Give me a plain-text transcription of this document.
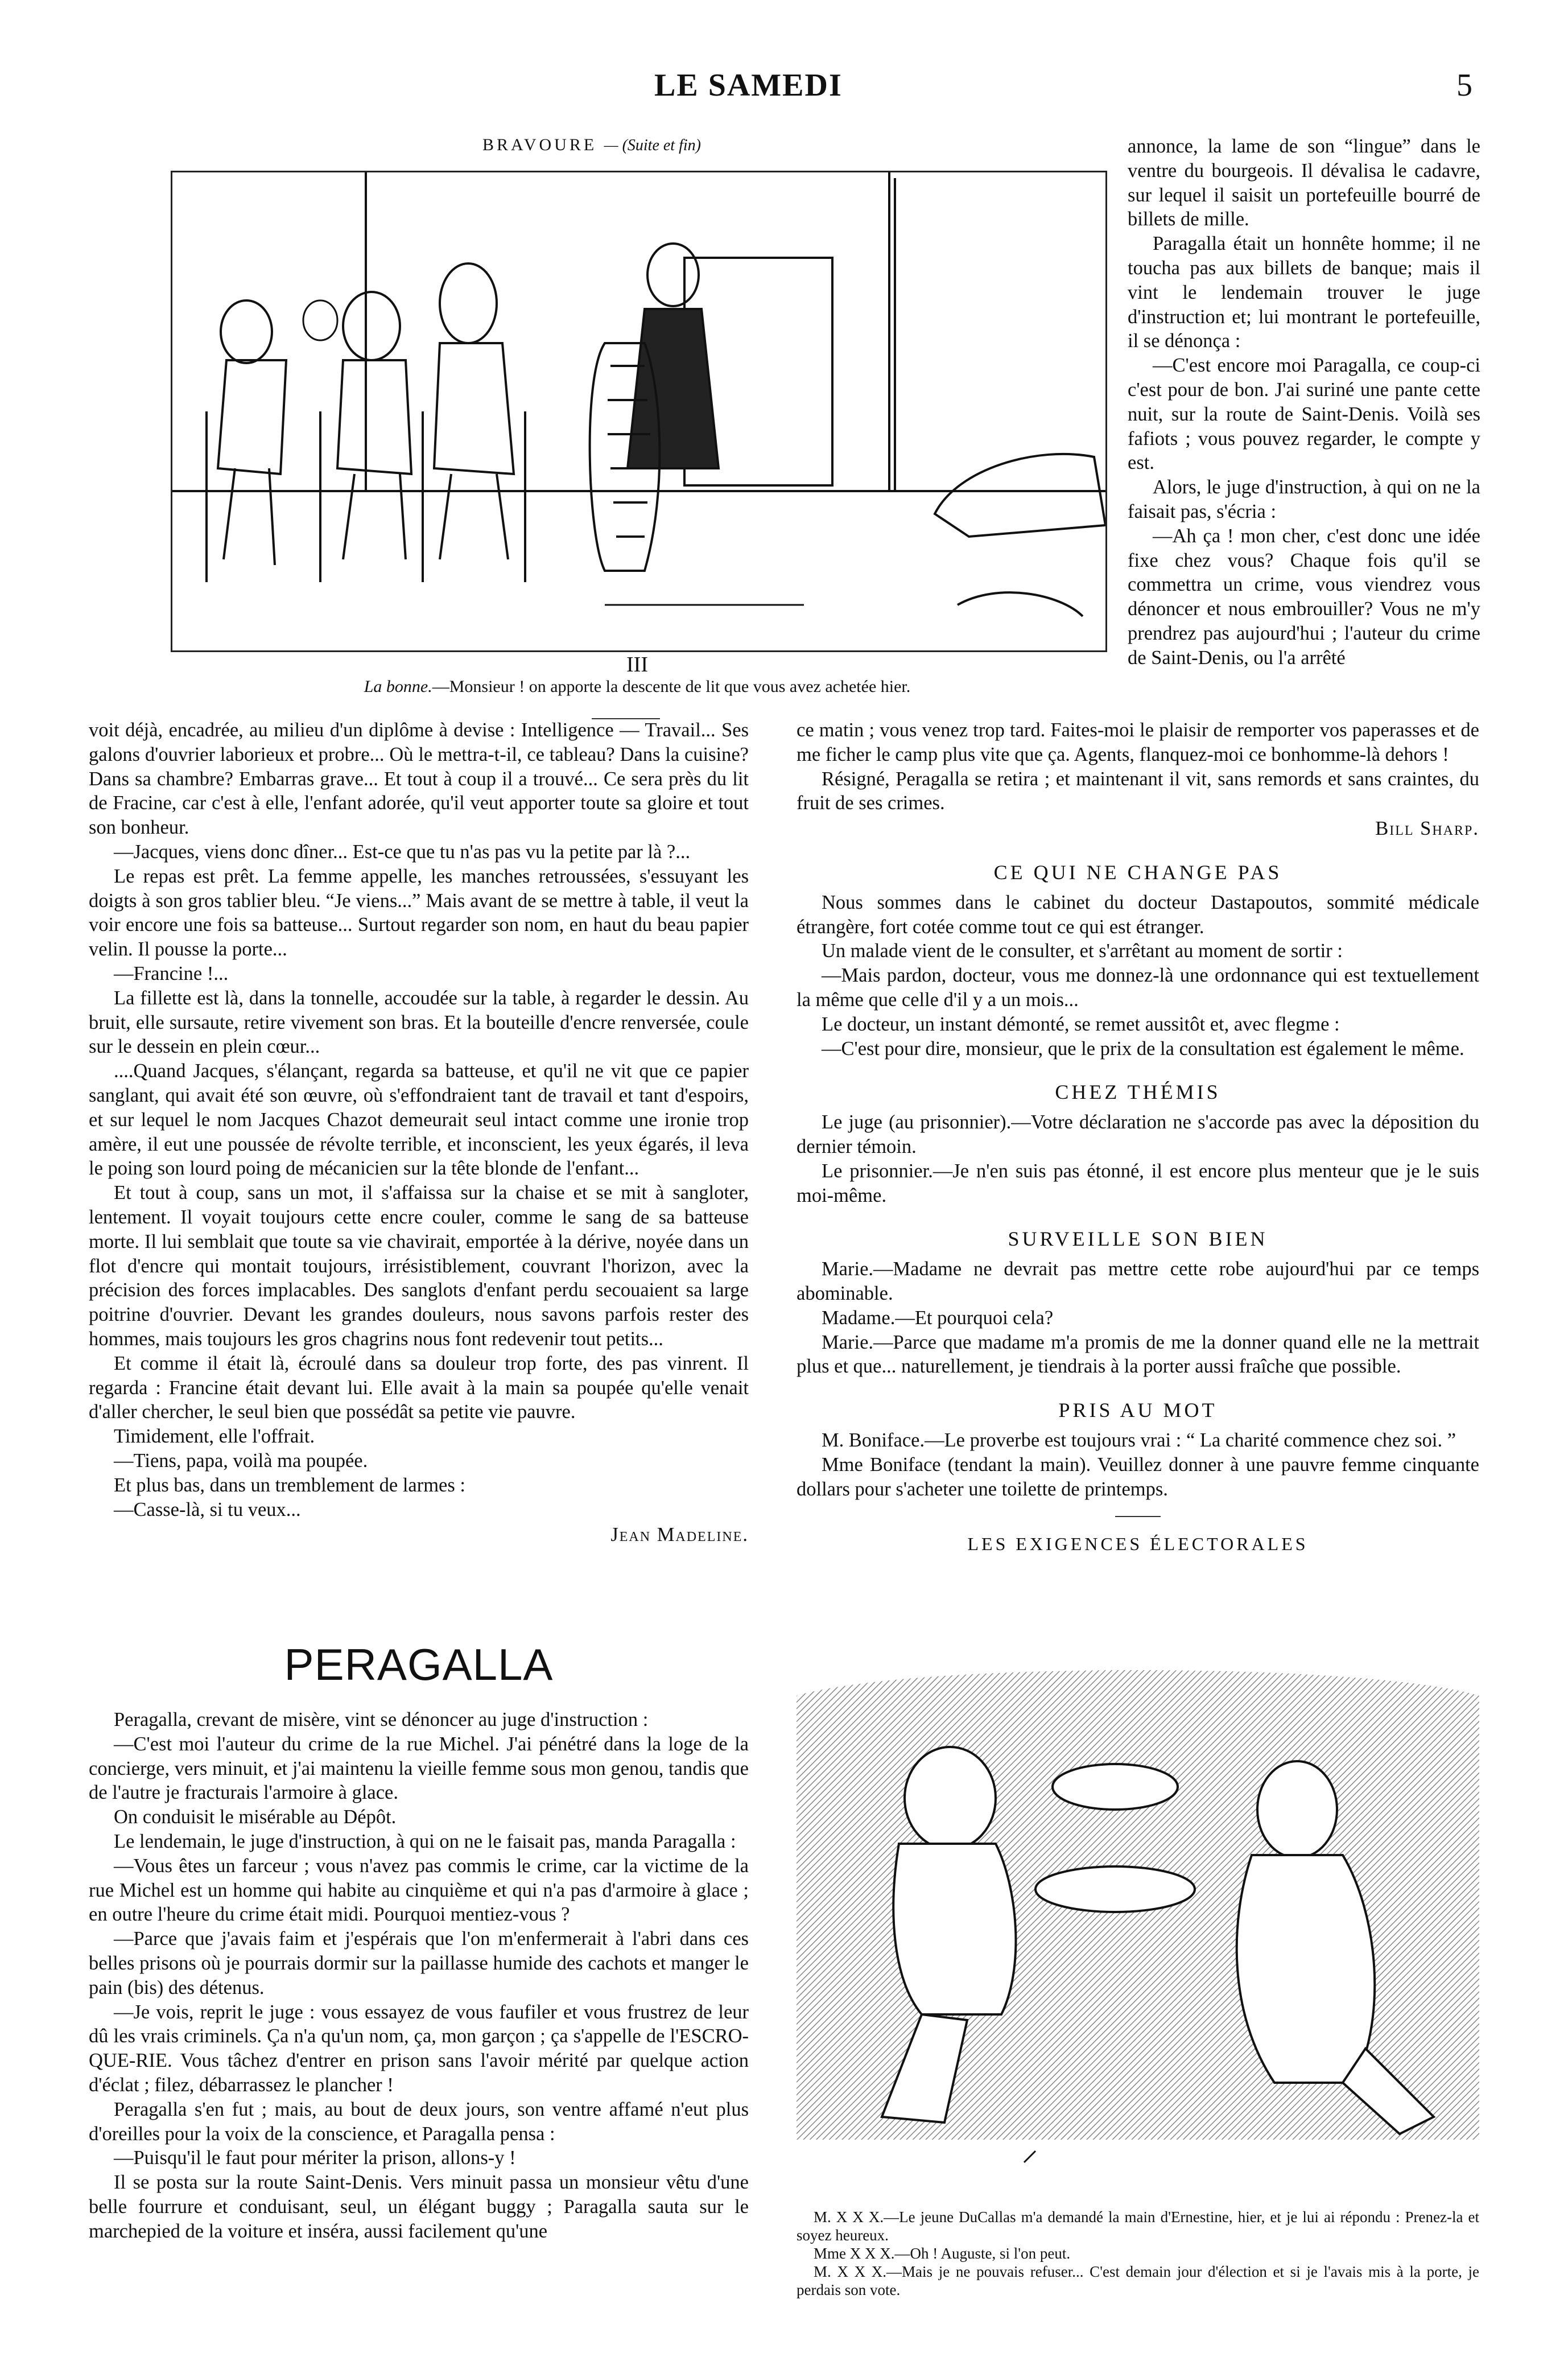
LE SAMEDI	5
BRAVOURE — (Suite et fin)
III
La bonne.—Monsieur ! on apporte la descente de lit que vous avez achetée hier.

annonce, la lame de son “lingue” dans le ventre du bourgeois. Il dévalisa le cadavre, sur lequel il saisit un portefeuille bourré de billets de mille.

Paragalla était un honnête homme; il ne toucha pas aux billets de banque; mais il vint le lendemain trouver le juge d'instruction et; lui montrant le portefeuille, il se dénonça :

—C'est encore moi Paragalla, ce coup-ci c'est pour de bon. J'ai suriné une pante cette nuit, sur la route de Saint-Denis. Voilà ses fafiots ; vous pouvez regarder, le compte y est.

Alors, le juge d'instruction, à qui on ne la faisait pas, s'écria :

—Ah ça ! mon cher, c'est donc une idée fixe chez vous? Chaque fois qu'il se commettra un crime, vous viendrez vous dénoncer et nous embrouiller? Vous ne m'y prendrez pas aujourd'hui ; l'auteur du crime de Saint-Denis, ou l'a arrêté

ce matin ; vous venez trop tard. Faites-moi le plaisir de remporter vos paperasses et de me ficher le camp plus vite que ça. Agents, flanquez-moi ce bonhomme-là dehors !

Résigné, Peragalla se retira ; et maintenant il vit, sans remords et sans craintes, du fruit de ses crimes.

Bill Sharp.

CE QUI NE CHANGE PAS

Nous sommes dans le cabinet du docteur Dastapoutos, sommité médicale étrangère, fort cotée comme tout ce qui est étranger.

Un malade vient de le consulter, et s'arrêtant au moment de sortir :

—Mais pardon, docteur, vous me donnez-là une ordonnance qui est textuellement la même que celle d'il y a un mois...

Le docteur, un instant démonté, se remet aussitôt et, avec flegme :

—C'est pour dire, monsieur, que le prix de la consultation est également le même.

CHEZ THÉMIS

Le juge (au prisonnier).—Votre déclaration ne s'accorde pas avec la déposition du dernier témoin.

Le prisonnier.—Je n'en suis pas étonné, il est encore plus menteur que je le suis moi-même.

SURVEILLE SON BIEN

Marie.—Madame ne devrait pas mettre cette robe aujourd'hui par ce temps abominable.

Madame.—Et pourquoi cela?

Marie.—Parce que madame m'a promis de me la donner quand elle ne la mettrait plus et que... naturellement, je tiendrais à la porter aussi fraîche que possible.

PRIS AU MOT

M. Boniface.—Le proverbe est toujours vrai : “ La charité commence chez soi. ”

Mme Boniface (tendant la main). Veuillez donner à une pauvre femme cinquante dollars pour s'acheter une toilette de printemps.

LES EXIGENCES ÉLECTORALES

M. X X X.—Le jeune DuCallas m'a demandé la main d'Ernestine, hier, et je lui ai répondu : Prenez-la et soyez heureux.

Mme X X X.—Oh ! Auguste, si l'on peut.

M. X X X.—Mais je ne pouvais refuser... C'est demain jour d'élection et si je l'avais mis à la porte, je perdais son vote.

voit déjà, encadrée, au milieu d'un diplôme à devise : Intelligence — Travail... Ses galons d'ouvrier laborieux et probre... Où le mettra-t-il, ce tableau? Dans la cuisine? Dans sa chambre? Embarras grave... Et tout à coup il a trouvé... Ce sera près du lit de Fracine, car c'est à elle, l'enfant adorée, qu'il veut apporter toute sa gloire et tout son bonheur.

—Jacques, viens donc dîner... Est-ce que tu n'as pas vu la petite par là ?...

Le repas est prêt. La femme appelle, les manches retroussées, s'essuyant les doigts à son gros tablier bleu. “Je viens...” Mais avant de se mettre à table, il veut la voir encore une fois sa batteuse... Surtout regarder son nom, en haut du beau papier velin. Il pousse la porte...

—Francine !...

La fillette est là, dans la tonnelle, accoudée sur la table, à regarder le dessin. Au bruit, elle sursaute, retire vivement son bras. Et la bouteille d'encre renversée, coule sur le dessein en plein cœur...

....Quand Jacques, s'élançant, regarda sa batteuse, et qu'il ne vit que ce papier sanglant, qui avait été son œuvre, où s'effondraient tant de travail et tant d'espoirs, et sur lequel le nom Jacques Chazot demeurait seul intact comme une ironie trop amère, il eut une poussée de révolte terrible, et inconscient, les yeux égarés, il leva le poing son lourd poing de mécanicien sur la tête blonde de l'enfant...

Et tout à coup, sans un mot, il s'affaissa sur la chaise et se mit à sangloter, lentement. Il voyait toujours cette encre couler, comme le sang de sa batteuse morte. Il lui semblait que toute sa vie chavirait, emportée à la dérive, noyée dans un flot d'encre qui montait toujours, irrésistiblement, couvrant l'horizon, avec la précision des forces implacables. Des sanglots d'enfant perdu secouaient sa large poitrine d'ouvrier. Devant les grandes douleurs, nous savons parfois rester des hommes, mais toujours les gros chagrins nous font redevenir tout petits...

Et comme il était là, écroulé dans sa douleur trop forte, des pas vinrent. Il regarda : Francine était devant lui. Elle avait à la main sa poupée qu'elle venait d'aller chercher, le seul bien que possédât sa petite vie pauvre.

Timidement, elle l'offrait.

—Tiens, papa, voilà ma poupée.

Et plus bas, dans un tremblement de larmes :

—Casse-là, si tu veux...

Jean Madeline.

PERAGALLA

Peragalla, crevant de misère, vint se dénoncer au juge d'instruction :

—C'est moi l'auteur du crime de la rue Michel. J'ai pénétré dans la loge de la concierge, vers minuit, et j'ai maintenu la vieille femme sous mon genou, tandis que de l'autre je fracturais l'armoire à glace.

On conduisit le misérable au Dépôt.

Le lendemain, le juge d'instruction, à qui on ne le faisait pas, manda Paragalla :

—Vous êtes un farceur ; vous n'avez pas commis le crime, car la victime de la rue Michel est un homme qui habite au cinquième et qui n'a pas d'armoire à glace ; en outre l'heure du crime était midi. Pourquoi mentiez-vous ?

—Parce que j'avais faim et j'espérais que l'on m'enfermerait à l'abri dans ces belles prisons où je pourrais dormir sur la paillasse humide des cachots et manger le pain (bis) des détenus.

—Je vois, reprit le juge : vous essayez de vous faufiler et vous frustrez de leur dû les vrais criminels. Ça n'a qu'un nom, ça, mon garçon ; ça s'appelle de l'ESCRO-QUE-RIE. Vous tâchez d'entrer en prison sans l'avoir mérité par quelque action d'éclat ; filez, débarrassez le plancher !

Peragalla s'en fut ; mais, au bout de deux jours, son ventre affamé n'eut plus d'oreilles pour la voix de la conscience, et Paragalla pensa :

—Puisqu'il le faut pour mériter la prison, allons-y !

Il se posta sur la route Saint-Denis. Vers minuit passa un monsieur vêtu d'une belle fourrure et conduisant, seul, un élégant buggy ; Paragalla sauta sur le marchepied de la voiture et inséra, aussi facilement qu'une
